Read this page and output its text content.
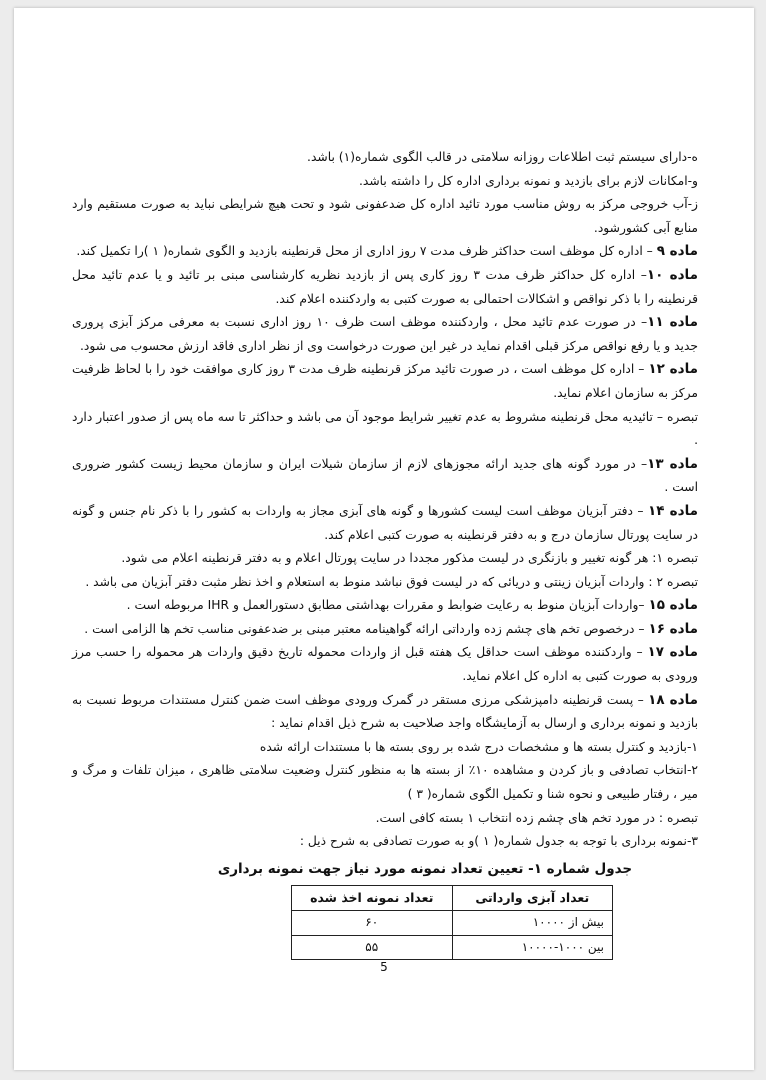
ه-دارای سیستم ثبت اطلاعات روزانه سلامتی در قالب الگوی شماره(۱) باشد.

و-امکانات لازم برای بازدید و نمونه برداری اداره کل را داشته باشد.

ز-آب خروجی مرکز به روش مناسب مورد تائید اداره کل ضدعفونی شود و تحت هیچ شرایطی نباید به صورت مستقیم وارد منابع آبی کشورشود.

ماده ۹ – اداره کل موظف است حداکثر ظرف مدت ۷ روز اداری از محل قرنطینه بازدید و الگوی شماره( ۱ )را تکمیل کند.

ماده ۱۰– اداره کل حداکثر ظرف مدت ۳ روز کاری پس از بازدید نظریه کارشناسی مبنی بر تائید و یا عدم تائید محل قرنطینه را با ذکر نواقص و اشکالات احتمالی به صورت کتبی به واردکننده اعلام کند.

ماده ۱۱– در صورت عدم تائید محل ، واردکننده موظف است ظرف ۱۰ روز اداری نسبت به معرفی مرکز آبزی پروری جدید و یا رفع نواقص مرکز قبلی اقدام نماید در غیر این صورت درخواست وی از نظر اداری فاقد ارزش محسوب می شود.

ماده ۱۲ – اداره کل موظف است ، در صورت تائید مرکز قرنطینه ظرف مدت ۳ روز کاری موافقت خود را با لحاظ ظرفیت مرکز به سازمان اعلام نماید.

تبصره – تائیدیه محل قرنطینه مشروط به عدم تغییر شرایط موجود آن می باشد و حداکثر تا سه ماه پس از صدور اعتبار دارد .

ماده ۱۳– در مورد گونه های جدید ارائه مجوزهای لازم از سازمان شیلات ایران و سازمان محیط زیست کشور ضروری است .

ماده ۱۴ – دفتر آبزیان موظف است لیست کشورها و گونه های آبزی مجاز به واردات به کشور را با ذکر نام جنس و گونه در سایت پورتال سازمان درج و به دفتر قرنطینه به صورت کتبی اعلام کند.

تبصره ۱: هر گونه تغییر و بازنگری در لیست مذکور مجددا در سایت پورتال اعلام و به دفتر قرنطینه اعلام می شود.

تبصره ۲ : واردات آبزیان زینتی و دریائی که در لیست فوق نباشد منوط به استعلام و اخذ نظر مثبت دفتر آبزیان می باشد .

ماده ۱۵ –واردات آبزیان منوط به رعایت ضوابط و مقررات بهداشتی مطابق دستورالعمل و IHR مربوطه است .

ماده ۱۶ – درخصوص تخم های چشم زده وارداتی ارائه گواهینامه معتبر مبنی بر ضدعفونی مناسب تخم ها الزامی است .

ماده ۱۷ – واردکننده موظف است حداقل یک هفته قبل از واردات محموله تاریخ دقیق واردات هر محموله را حسب مرز ورودی به صورت کتبی به اداره کل اعلام نماید.

ماده ۱۸ – پست قرنطینه دامپزشکی مرزی مستقر در گمرک ورودی موظف است ضمن کنترل مستندات مربوط نسبت به بازدید و نمونه برداری و ارسال به آزمایشگاه واجد صلاحیت به شرح ذیل اقدام نماید :

۱-بازدید و کنترل بسته ها و مشخصات درج شده بر روی بسته ها با مستندات ارائه شده

۲-انتخاب تصادفی و باز کردن و مشاهده ۱۰٪ از بسته ها به منظور کنترل وضعیت سلامتی ظاهری ، میزان تلفات و مرگ و میر ، رفتار طبیعی و نحوه شنا و تکمیل الگوی شماره( ۳ )

تبصره : در مورد تخم های چشم زده انتخاب ۱ بسته کافی است.

۳-نمونه برداری با توجه به جدول شماره( ۱ )و به صورت تصادفی به شرح ذیل :

جدول شماره ۱- تعیین تعداد نمونه مورد نیاز جهت نمونه برداری
تعداد آبزی وارداتی	تعداد نمونه اخذ شده
بیش از ۱۰۰۰۰	۶۰
بین ۱۰۰۰-۱۰۰۰۰	۵۵
5
